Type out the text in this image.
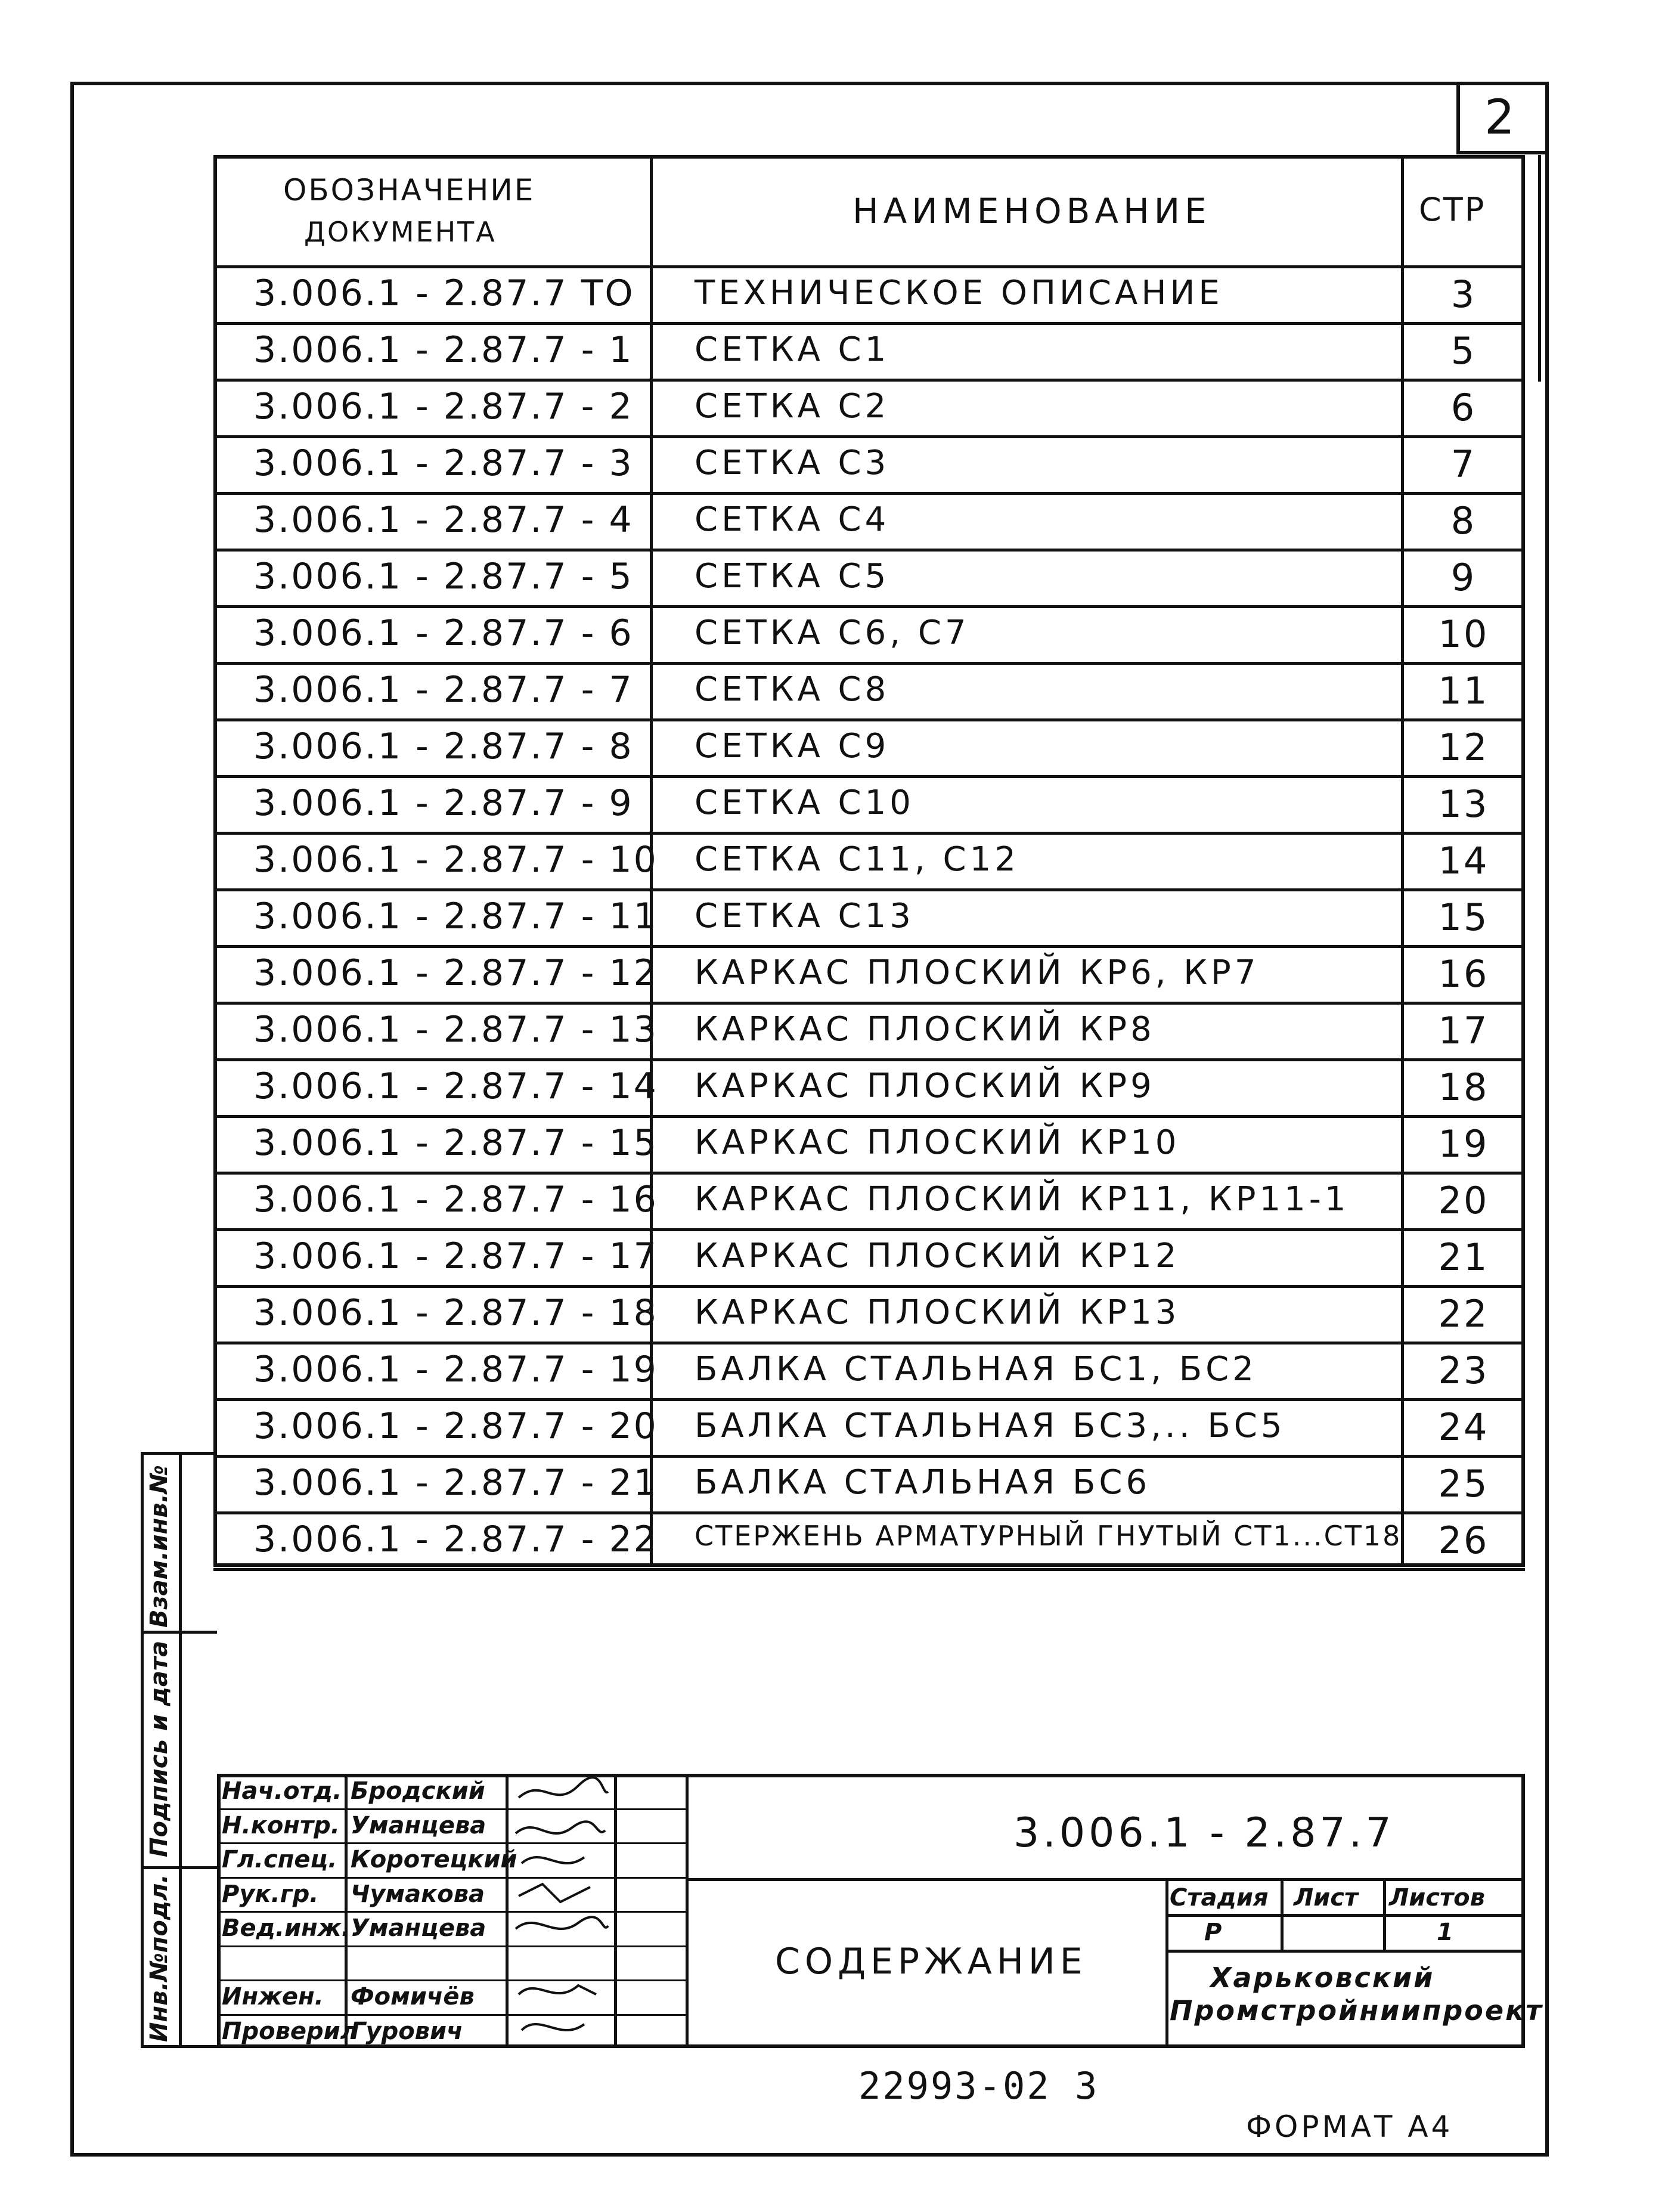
2
ОБОЗНАЧЕНИЕ
ДОКУМЕНТА
НАИМЕНОВАНИЕ	СТР
3.006.1 - 2.87.7 ТО ТЕХНИЧЕСКОЕ ОПИСАНИЕ	3
3.006.1 - 2.87.7 - 1 СЕТКА С1	5
3.006.1 - 2.87.7 - 2 СЕТКА С2	6
3.006.1 - 2.87.7 - 3 СЕТКА С3	7
3.006.1 - 2.87.7 - 4 СЕТКА С4	8
3.006.1 - 2.87.7 - 5 СЕТКА С5	9
3.006.1 - 2.87.7 - 6 СЕТКА С6, С7	10
3.006.1 - 2.87.7 - 7 СЕТКА С8	11
3.006.1 - 2.87.7 - 8 СЕТКА С9	12
3.006.1 - 2.87.7 - 9 СЕТКА С10	13
3.006.1 - 2.87.7 - 10 СЕТКА С11, С12	14
3.006.1 - 2.87.7 - 11 СЕТКА С13	15
3.006.1 - 2.87.7 - 12 КАРКАС ПЛОСКИЙ КР6, КР7	16
3.006.1 - 2.87.7 - 13 КАРКАС ПЛОСКИЙ КР8	17
3.006.1 - 2.87.7 - 14 КАРКАС ПЛОСКИЙ КР9	18
3.006.1 - 2.87.7 - 15 КАРКАС ПЛОСКИЙ КР10	19
3.006.1 - 2.87.7 - 16 КАРКАС ПЛОСКИЙ КР11, КР11-1	20
3.006.1 - 2.87.7 - 17 КАРКАС ПЛОСКИЙ КР12	21
3.006.1 - 2.87.7 - 18 КАРКАС ПЛОСКИЙ КР13	22
3.006.1 - 2.87.7 - 19 БАЛКА СТАЛЬНАЯ БС1, БС2	23
3.006.1 - 2.87.7 - 20 БАЛКА СТАЛЬНАЯ БС3,.. БС5	24
3.006.1 - 2.87.7 - 21 БАЛКА СТАЛЬНАЯ БС6	25
3.006.1 - 2.87.7 - 22 СТЕРЖЕНЬ АРМАТУРНЫЙ ГНУТЫЙ СТ1...СТ18 26
Взам.инв.№
Подпись и дата
Инв.№подл.
Нач.отд. Бродский
Н.контр. Уманцева
Гл.спец. Коротецкий
Рук.гр. Чумакова
Вед.инж. Уманцева
Инжен. Фомичёв
Проверил
Гурович
3.006.1 - 2.87.7
СОДЕРЖАНИЕ
Стадия Лист Листов
Р	1
Харьковский
Промстройниипроект
22993-02 3
ФОРМАТ А4
